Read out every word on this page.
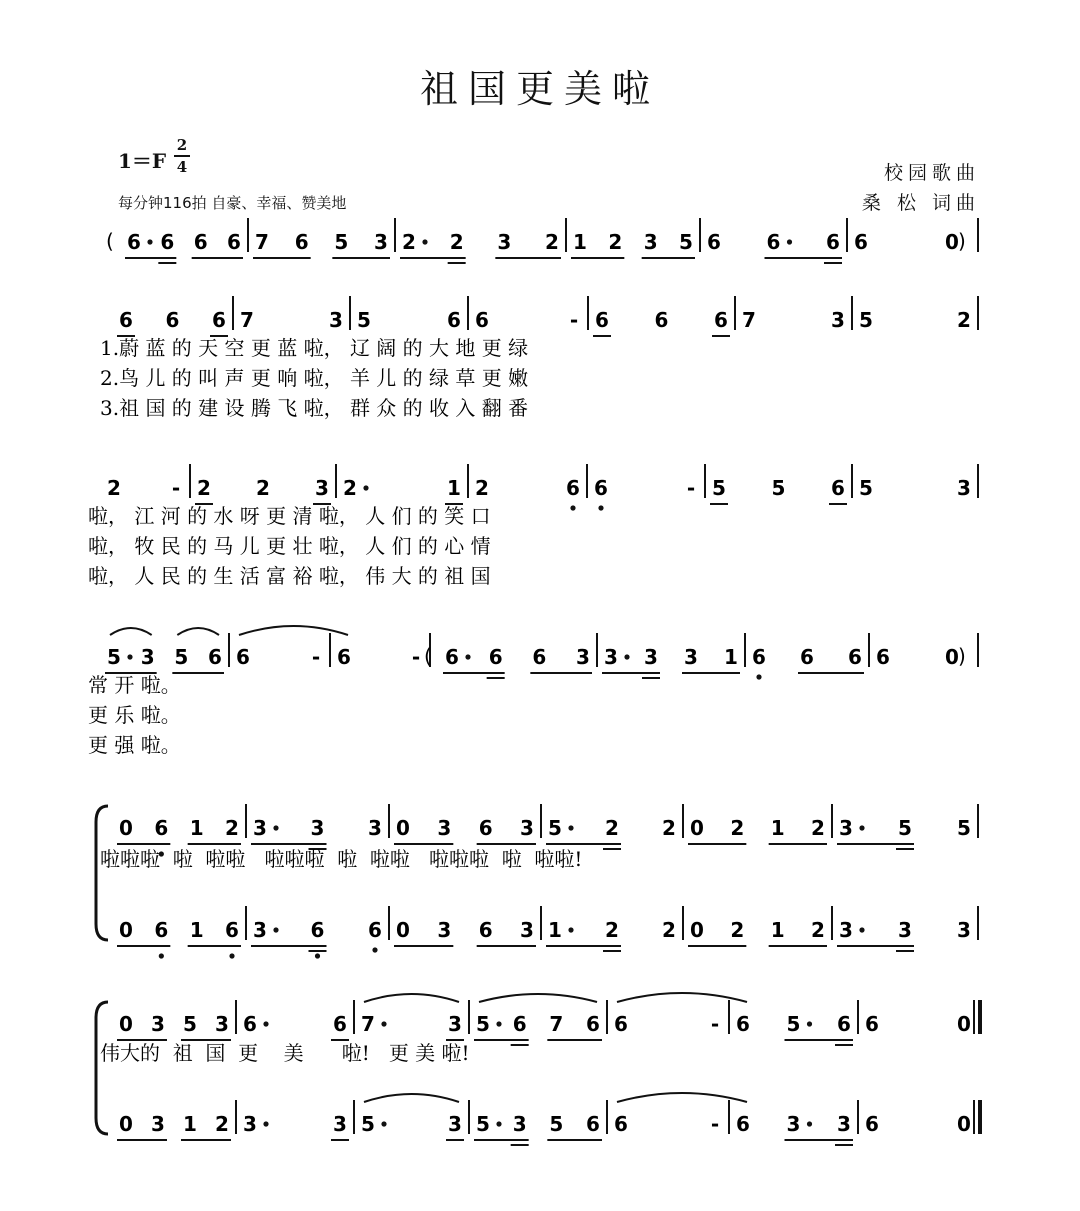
祖国更美啦
1＝F
2
4
每分钟116拍 自豪、幸福、赞美地
校园歌曲
桑 松 词曲
( 6 6 6 6 7 6 5 3 2 2 3 2 1 2 3 5 6 6 6 6	0 )
6 6 6 7	3 5	6 6	- 6 6 6 7	3 5	2
1.蔚 蓝 的 天 空 更 蓝 啦， 辽 阔 的 大 地 更 绿
2.鸟 儿 的 叫 声 更 响 啦， 羊 儿 的 绿 草 更 嫩
3.祖 国 的 建 设 腾 飞 啦， 群 众 的 收 入 翻 番
2	- 2 2 3 2	1 2	6 6	- 5 5 6 5	3
啦， 江 河 的 水 呀 更 清 啦， 人 们 的 笑 口
啦， 牧 民 的 马 儿 更 壮 啦， 人 们 的 心 情
啦， 人 民 的 生 活 富 裕 啦， 伟 大 的 祖 国
5 3 5 6 6	- 6	- ( 6 6 6 3 3 3 3 1 6 6 6 6	0 )
常 开 啦。
更 乐 啦。
更 强 啦。
0 6 1 2 3 3 3 0 3 6 3 5 2 2 0 2 1 2 3 5 5
啦啦啦  啦  啦啦   啦啦啦  啦  啦啦   啦啦啦  啦  啦啦!
0 6 1 6 3 6 6 0 3 6 3 1 2 2 0 2 1 2 3 3 3
0 3 5 3 6	6 7	3 5 6 7 6 6	- 6 5 6 6	0
伟大的  祖  国  更    美      啦!   更 美 啦!
0 3 1 2 3	3 5	3 5 3 5 6 6	- 6 3 3 6	0
